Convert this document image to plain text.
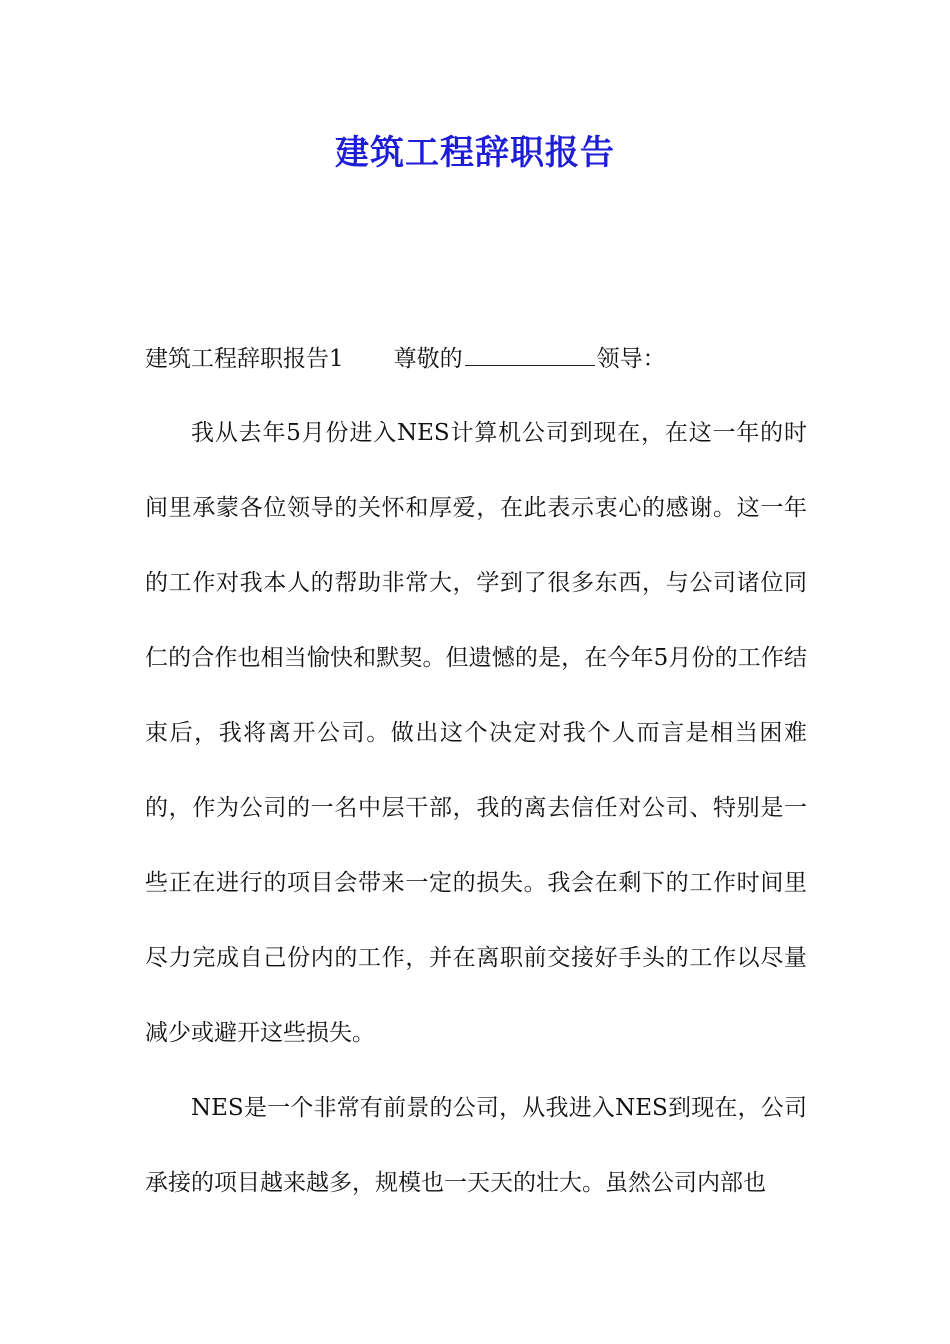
建筑工程辞职报告
建筑工程辞职报告1 尊敬的	领导：

我从去年5月份进入NES计算机公司到现在，在这一年的时间里承蒙各位领导的关怀和厚爱，在此表示衷心的感谢。这一年的工作对我本人的帮助非常大，学到了很多东西，与公司诸位同仁的合作也相当愉快和默契。但遗憾的是，在今年5月份的工作结束后，我将离开公司。做出这个决定对我个人而言是相当困难的，作为公司的一名中层干部，我的离去信任对公司、特别是一些正在进行的项目会带来一定的损失。我会在剩下的工作时间里尽力完成自己份内的工作，并在离职前交接好手头的工作以尽量减少或避开这些损失。

NES是一个非常有前景的公司，从我进入NES到现在，公司承接的项目越来越多，规模也一天天的壮大。虽然公司内部也
